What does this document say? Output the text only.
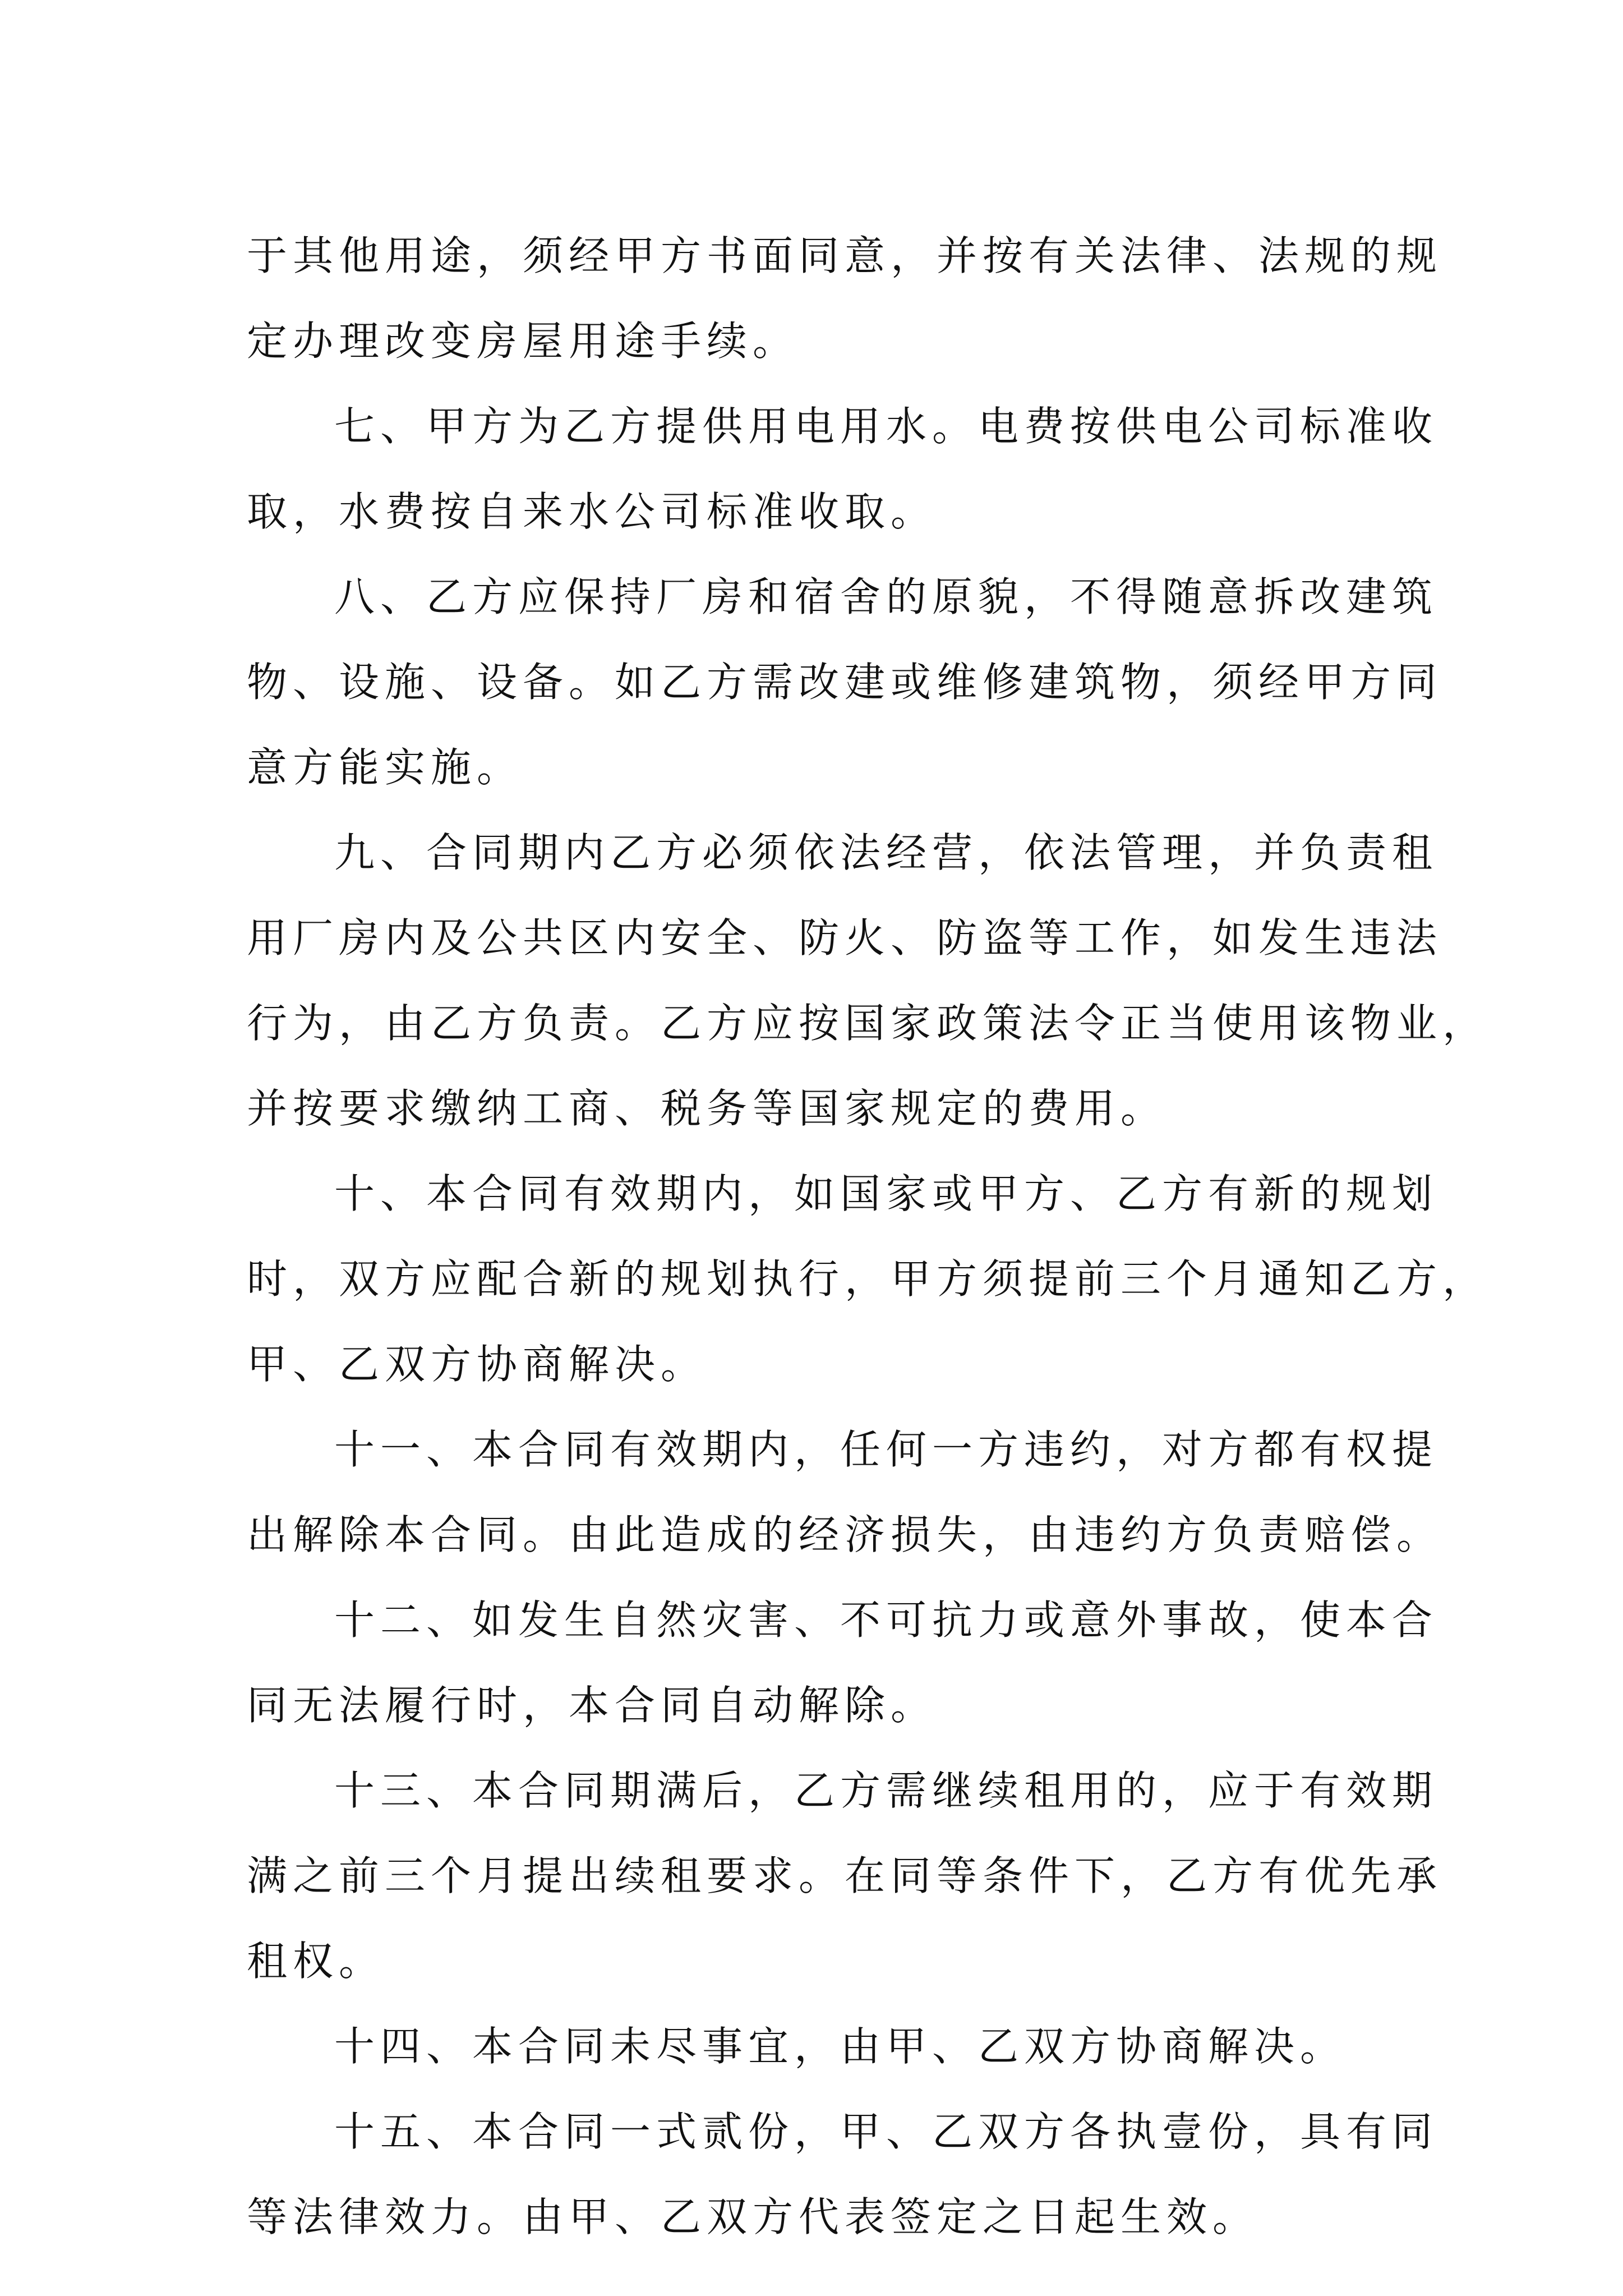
于其他用途，须经甲方书面同意，并按有关法律、法规的规
定办理改变房屋用途手续。
七、甲方为乙方提供用电用水。电费按供电公司标准收
取，水费按自来水公司标准收取。
八、乙方应保持厂房和宿舍的原貌，不得随意拆改建筑
物、设施、设备。如乙方需改建或维修建筑物，须经甲方同
意方能实施。
九、合同期内乙方必须依法经营，依法管理，并负责租
用厂房内及公共区内安全、防火、防盗等工作，如发生违法
行为，由乙方负责。乙方应按国家政策法令正当使用该物业，
并按要求缴纳工商、税务等国家规定的费用。
十、本合同有效期内，如国家或甲方、乙方有新的规划
时，双方应配合新的规划执行，甲方须提前三个月通知乙方，
甲、乙双方协商解决。
十一、本合同有效期内，任何一方违约，对方都有权提
出解除本合同。由此造成的经济损失，由违约方负责赔偿。
十二、如发生自然灾害、不可抗力或意外事故，使本合
同无法履行时，本合同自动解除。
十三、本合同期满后，乙方需继续租用的，应于有效期
满之前三个月提出续租要求。在同等条件下，乙方有优先承
租权。
十四、本合同未尽事宜，由甲、乙双方协商解决。
十五、本合同一式贰份，甲、乙双方各执壹份，具有同
等法律效力。由甲、乙双方代表签定之日起生效。
